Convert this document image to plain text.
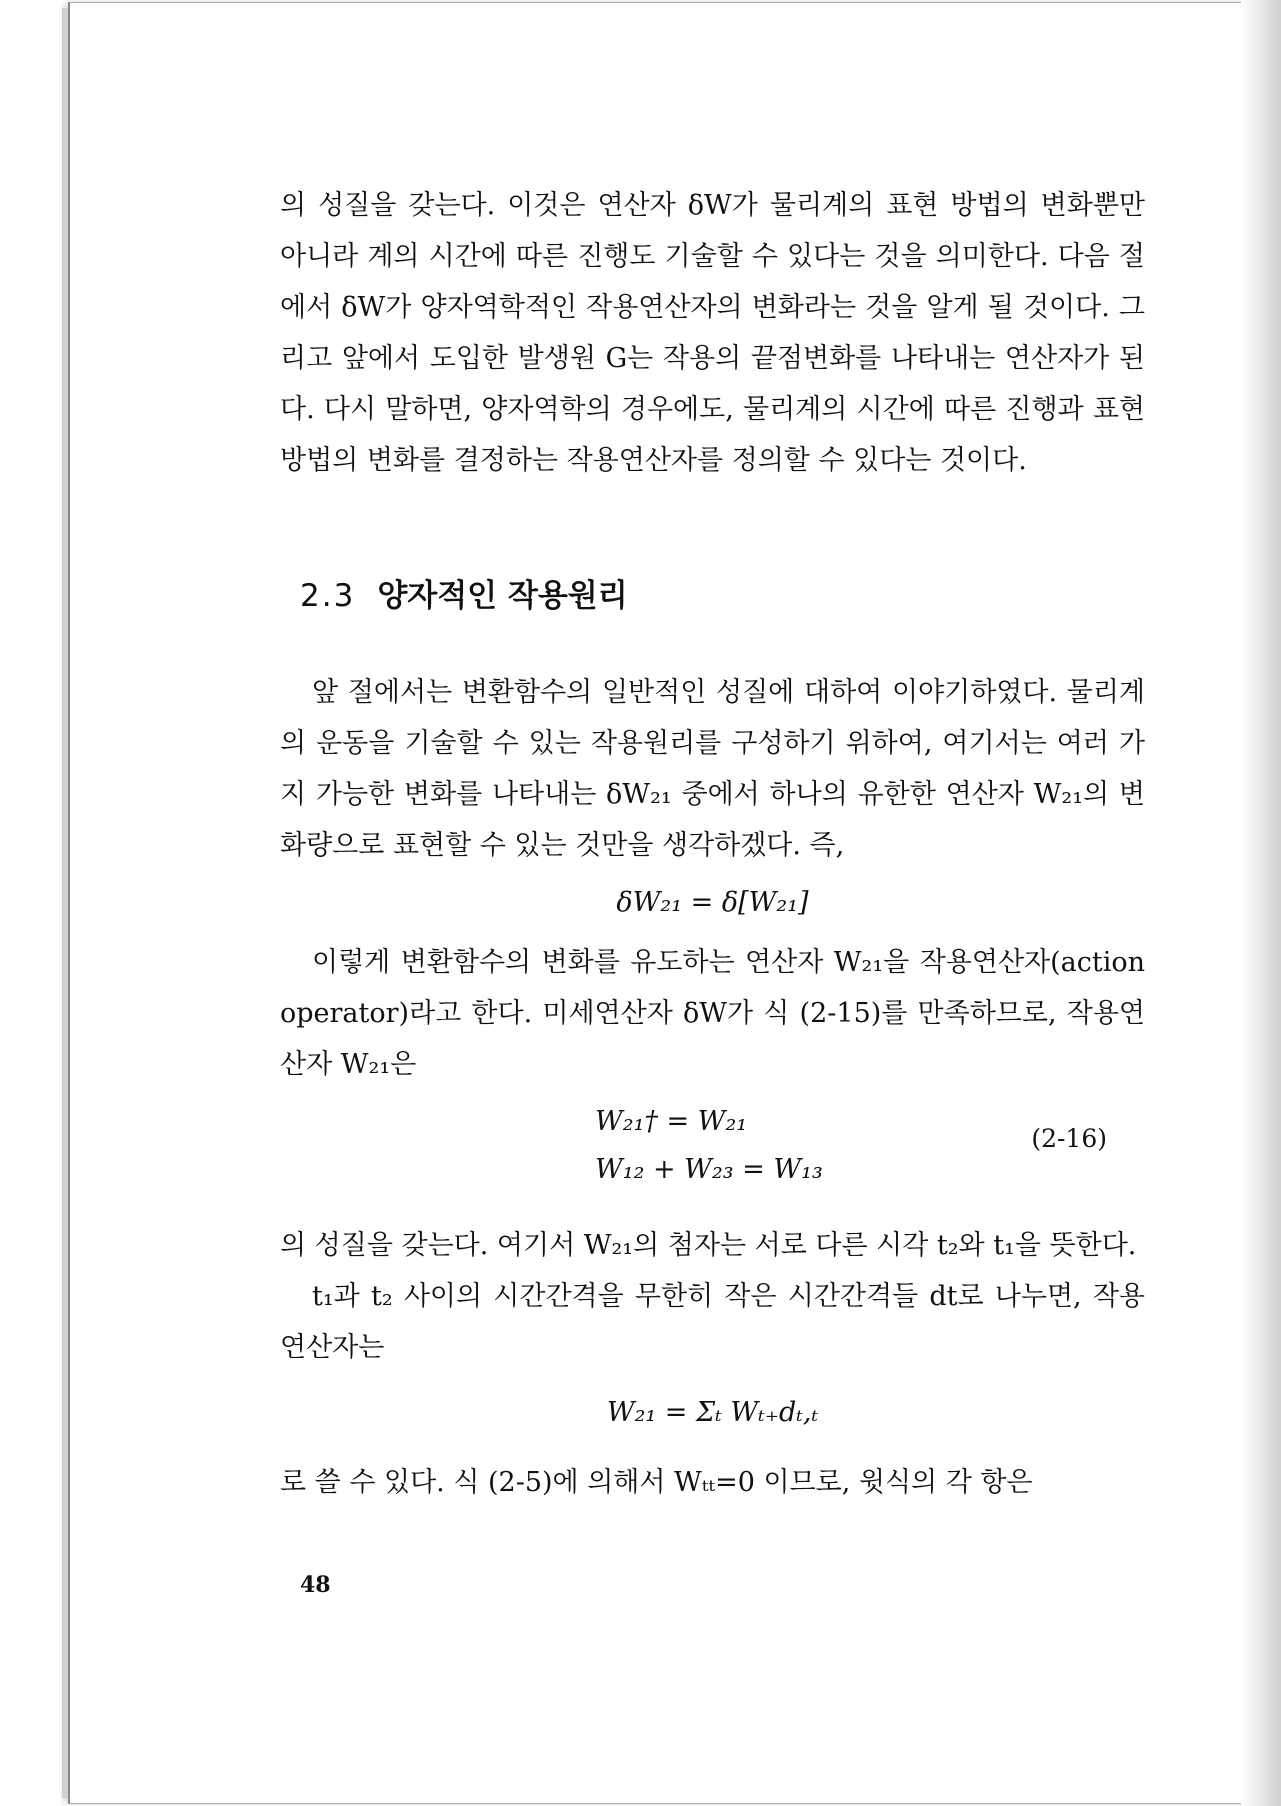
의 성질을 갖는다. 이것은 연산자 δW가 물리계의 표현 방법의 변화뿐만 아니라 계의 시간에 따른 진행도 기술할 수 있다는 것을 의미한다. 다음 절에서 δW가 양자역학적인 작용연산자의 변화라는 것을 알게 될 것이다. 그리고 앞에서 도입한 발생원 G는 작용의 끝점변화를 나타내는 연산자가 된다. 다시 말하면, 양자역학의 경우에도, 물리계의 시간에 따른 진행과 표현 방법의 변화를 결정하는 작용연산자를 정의할 수 있다는 것이다.

2.3 양자적인 작용원리

앞 절에서는 변환함수의 일반적인 성질에 대하여 이야기하였다. 물리계의 운동을 기술할 수 있는 작용원리를 구성하기 위하여, 여기서는 여러 가지 가능한 변화를 나타내는 δW₂₁ 중에서 하나의 유한한 연산자 W₂₁의 변화량으로 표현할 수 있는 것만을 생각하겠다. 즉,

δW₂₁ = δ[W₂₁]

이렇게 변환함수의 변화를 유도하는 연산자 W₂₁을 작용연산자(action operator)라고 한다. 미세연산자 δW가 식 (2-15)를 만족하므로, 작용연산자 W₂₁은

W₂₁† = W₂₁
W₁₂ + W₂₃ = W₁₃
(2-16)

의 성질을 갖는다. 여기서 W₂₁의 첨자는 서로 다른 시각 t₂와 t₁을 뜻한다.

t₁과 t₂ 사이의 시간간격을 무한히 작은 시간간격들 dt로 나누면, 작용연산자는

W₂₁ = Σₜ Wₜ₊dₜ,ₜ

로 쓸 수 있다. 식 (2-5)에 의해서 Wₜₜ=0 이므로, 윗식의 각 항은

48
